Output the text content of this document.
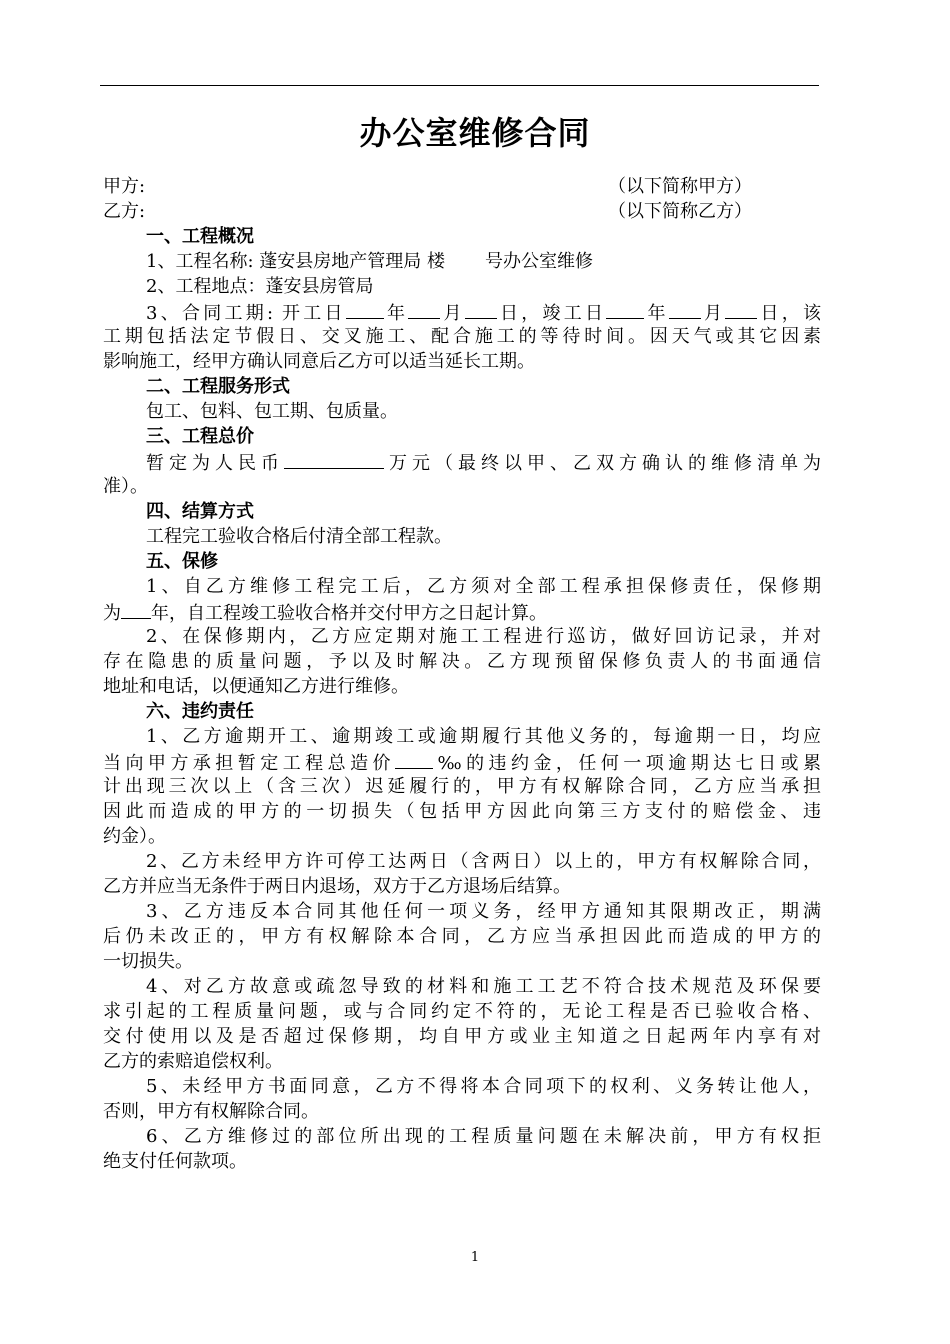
办公室维修合同
甲方:	（以下简称甲方）
乙方:	（以下简称乙方）
一、工程概况
1、工程名称: 蓬安县房地产管理局 楼 号办公室维修
2、工程地点：蓬安县房管局
3、合同工期: 开工日 年 月 日，竣工日 年 月 日，该
工期包括法定节假日、交叉施工、配合施工的等待时间。因天气或其它因素
影响施工，经甲方确认同意后乙方可以适当延长工期。
二、工程服务形式
包工、包料、包工期、包质量。
三、工程总价
暂定为人民币	万元（最终以甲、乙双方确认的维修清单为
准）。
四、结算方式
工程完工验收合格后付清全部工程款。
五、保修
1、自乙方维修工程完工后，乙方须对全部工程承担保修责任，保修期
为 年，自工程竣工验收合格并交付甲方之日起计算。
2、在保修期内，乙方应定期对施工工程进行巡访，做好回访记录，并对
存在隐患的质量问题，予以及时解决。乙方现预留保修负责人的书面通信
地址和电话，以便通知乙方进行维修。
六、违约责任
1、乙方逾期开工、逾期竣工或逾期履行其他义务的，每逾期一日，均应
当向甲方承担暂定工程总造价 ‰的违约金，任何一项逾期达七日或累
计出现三次以上（含三次）迟延履行的，甲方有权解除合同，乙方应当承担
因此而造成的甲方的一切损失（包括甲方因此向第三方支付的赔偿金、违
约金）。
2、乙方未经甲方许可停工达两日（含两日）以上的，甲方有权解除合同，
乙方并应当无条件于两日内退场，双方于乙方退场后结算。
3、乙方违反本合同其他任何一项义务，经甲方通知其限期改正，期满
后仍未改正的，甲方有权解除本合同，乙方应当承担因此而造成的甲方的
一切损失。
4、对乙方故意或疏忽导致的材料和施工工艺不符合技术规范及环保要
求引起的工程质量问题，或与合同约定不符的，无论工程是否已验收合格、
交付使用以及是否超过保修期，均自甲方或业主知道之日起两年内享有对
乙方的索赔追偿权利。
5、未经甲方书面同意，乙方不得将本合同项下的权利、义务转让他人，
否则，甲方有权解除合同。
6、乙方维修过的部位所出现的工程质量问题在未解决前，甲方有权拒
绝支付任何款项。
1
